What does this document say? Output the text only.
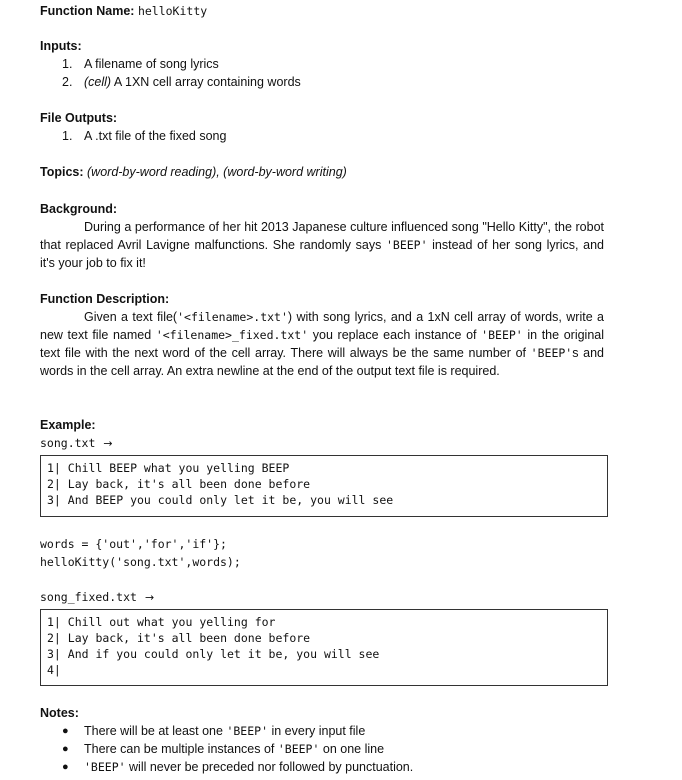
Function Name: helloKitty
Inputs:
1. A filename of song lyrics
2. (cell) A 1XN cell array containing words
File Outputs:
1. A .txt file of the fixed song
Topics: (word-by-word reading), (word-by-word writing)
Background:
During a performance of her hit 2013 Japanese culture influenced song "Hello Kitty", the robot that replaced Avril Lavigne malfunctions. She randomly says 'BEEP' instead of her song lyrics, and it's your job to fix it!
Function Description:
Given a text file('<filename>.txt') with song lyrics, and a 1xN cell array of words, write a new text file named '<filename>_fixed.txt' you replace each instance of 'BEEP' in the original text file with the next word of the cell array. There will always be the same number of 'BEEP's and words in the cell array. An extra newline at the end of the output text file is required.
Example:
song.txt →
1| Chill BEEP what you yelling BEEP
2| Lay back, it's all been done before
3| And BEEP you could only let it be, you will see
words = {'out','for','if'};
helloKitty('song.txt',words);
song_fixed.txt →
1| Chill out what you yelling for
2| Lay back, it's all been done before
3| And if you could only let it be, you will see
4|
Notes:
● There will be at least one 'BEEP' in every input file
● There can be multiple instances of 'BEEP' on one line
● 'BEEP' will never be preceded nor followed by punctuation.
